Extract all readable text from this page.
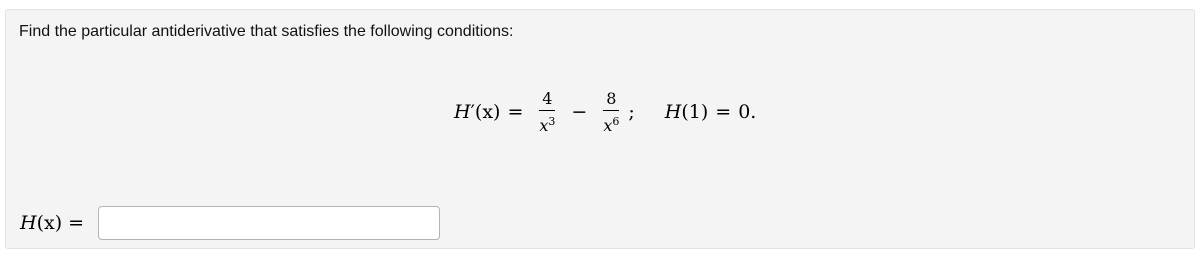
Find the particular antiderivative that satisfies the following conditions:
H ′ $(x) = \frac{4}{x^3} - \frac{8}{x^6}$ ; H (1) = 0.
H(x) =
